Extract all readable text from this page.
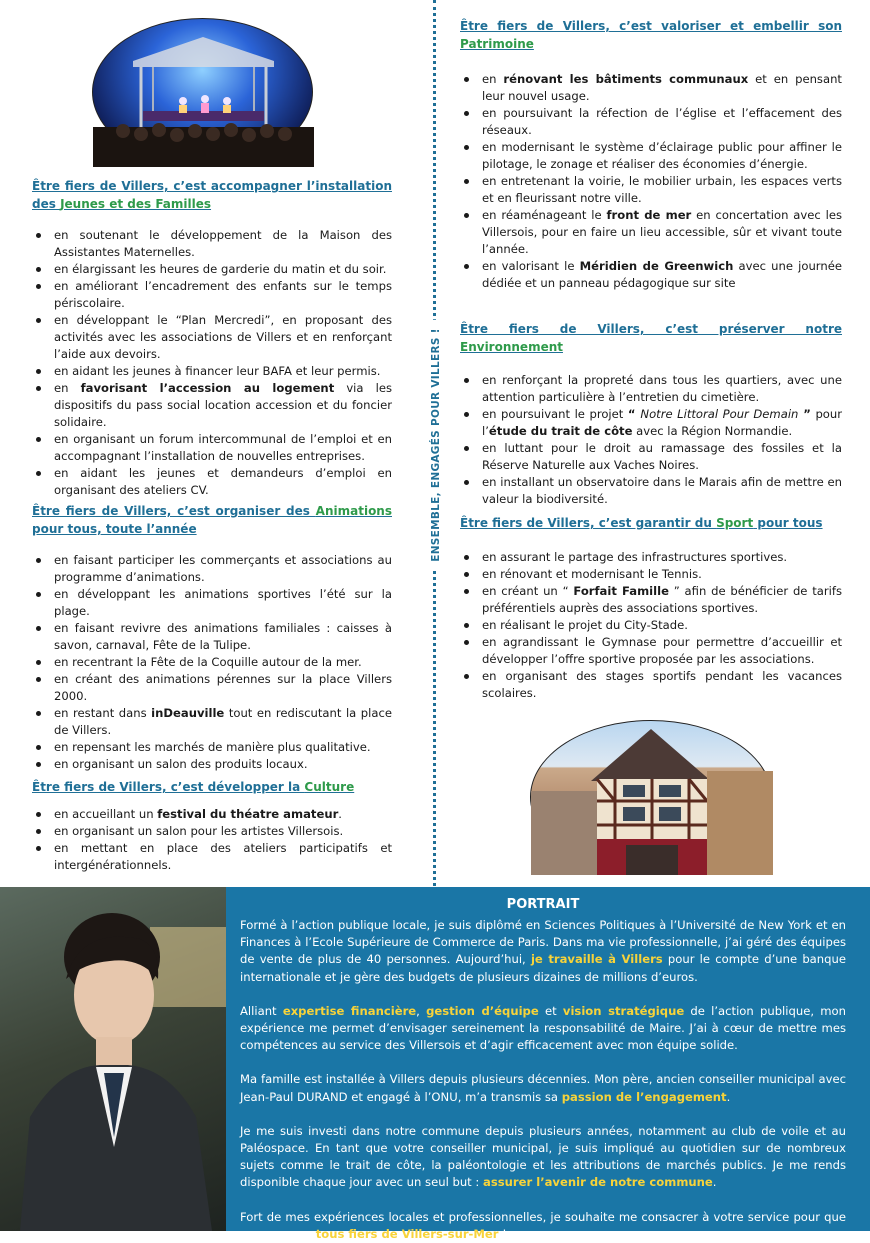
Être fiers de Villers, c’est accompagner l’installation des Jeunes et des Familles
en soutenant le développement de la Maison des Assistantes Maternelles.
en élargissant les heures de garderie du matin et du soir.
en améliorant l’encadrement des enfants sur le temps périscolaire.
en développant le “Plan Mercredi”, en proposant des activités avec les associations de Villers et en renforçant l’aide aux devoirs.
en aidant les jeunes à financer leur BAFA et leur permis.
en favorisant l’accession au logement via les dispositifs du pass social location accession et du foncier solidaire.
en organisant un forum intercommunal de l’emploi et en accompagnant l’installation de nouvelles entreprises.
en aidant les jeunes et demandeurs d’emploi en organisant des ateliers CV.
Être fiers de Villers, c’est organiser des Animations pour tous, toute l’année
en faisant participer les commerçants et associations au programme d’animations.
en développant les animations sportives l’été sur la plage.
en faisant revivre des animations familiales : caisses à savon, carnaval, Fête de la Tulipe.
en recentrant la Fête de la Coquille autour de la mer.
en créant des animations pérennes sur la place Villers 2000.
en restant dans inDeauville tout en rediscutant la place de Villers.
en repensant les marchés de manière plus qualitative.
en organisant un salon des produits locaux.
Être fiers de Villers, c’est développer la Culture
en accueillant un festival du théatre amateur.
en organisant un salon pour les artistes Villersois.
en mettant en place des ateliers participatifs et intergénérationnels.
ENSEMBLE, ENGAGÉS POUR VILLERS !
Être fiers de Villers, c’est valoriser et embellir son Patrimoine
en rénovant les bâtiments communaux et en pensant leur nouvel usage.
en poursuivant la réfection de l’église et l’effacement des réseaux.
en modernisant le système d’éclairage public pour affiner le pilotage, le zonage et réaliser des économies d’énergie.
en entretenant la voirie, le mobilier urbain, les espaces verts et en fleurissant notre ville.
en réaménageant le front de mer en concertation avec les Villersois, pour en faire un lieu accessible, sûr et vivant toute l’année.
en valorisant le Méridien de Greenwich avec une journée dédiée et un panneau pédagogique sur site
Être fiers de Villers, c’est préserver notre Environnement
en renforçant la propreté dans tous les quartiers, avec une attention particulière à l’entretien du cimetière.
en poursuivant le projet “ Notre Littoral Pour Demain ” pour l’étude du trait de côte avec la Région Normandie.
en luttant pour le droit au ramassage des fossiles et la Réserve Naturelle aux Vaches Noires.
en installant un observatoire dans le Marais afin de mettre en valeur la biodiversité.
Être fiers de Villers, c’est garantir du Sport pour tous
en assurant le partage des infrastructures sportives.
en rénovant et modernisant le Tennis.
en créant un “ Forfait Famille ” afin de bénéficier de tarifs préférentiels auprès des associations sportives.
en réalisant le projet du City-Stade.
en agrandissant le Gymnase pour permettre d’accueillir et développer l’offre sportive proposée par les associations.
en organisant des stages sportifs pendant les vacances scolaires.
PORTRAIT

Formé à l’action publique locale, je suis diplômé en Sciences Politiques à l’Université de New York et en Finances à l’Ecole Supérieure de Commerce de Paris. Dans ma vie professionnelle, j’ai géré des équipes de vente de plus de 40 personnes. Aujourd’hui, je travaille à Villers pour le compte d’une banque internationale et je gère des budgets de plusieurs dizaines de millions d’euros.

Alliant expertise financière, gestion d’équipe et vision stratégique de l’action publique, mon expérience me permet d’envisager sereinement la responsabilité de Maire. J’ai à cœur de mettre mes compétences au service des Villersois et d’agir efficacement avec mon équipe solide.

Ma famille est installée à Villers depuis plusieurs décennies. Mon père, ancien conseiller municipal avec Jean-Paul DURAND et engagé à l’ONU, m’a transmis sa passion de l’engagement.

Je me suis investi dans notre commune depuis plusieurs années, notamment au club de voile et au Paléospace. En tant que votre conseiller municipal, je suis impliqué au quotidien sur de nombreux sujets comme le trait de côte, la paléontologie et les attributions de marchés publics. Je me rends disponible chaque jour avec un seul but : assurer l’avenir de notre commune.

Fort de mes expériences locales et professionnelles, je souhaite me consacrer à votre service pour que nous soyons tous fiers de Villers-sur-Mer !
